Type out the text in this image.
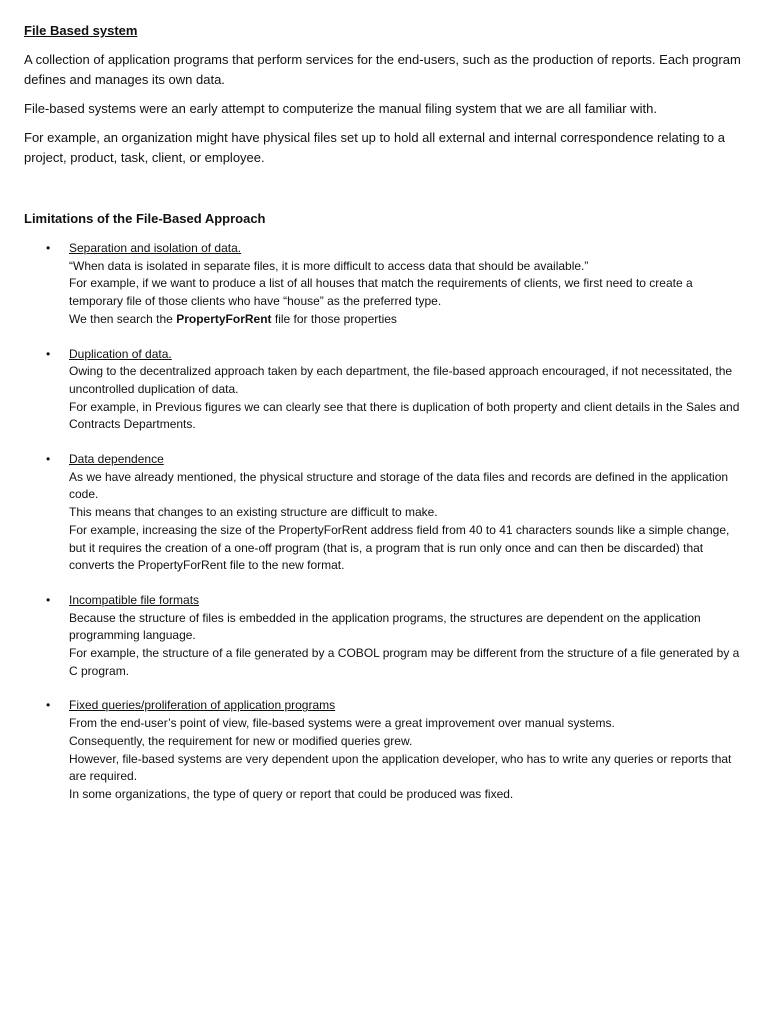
File Based system

A collection of application programs that perform services for the end-users, such as the production of reports. Each program defines and manages its own data.

File-based systems were an early attempt to computerize the manual filing system that we are all familiar with.

For example, an organization might have physical files set up to hold all external and internal correspondence relating to a project, product, task, client, or employee.

Limitations of the File-Based Approach
• Separation and isolation of data.
“When data is isolated in separate files, it is more difficult to access data that should be available.”
For example, if we want to produce a list of all houses that match the requirements of clients, we first need to create a temporary file of those clients who have “house” as the preferred type.
We then search the PropertyForRent file for those properties
• Duplication of data.
Owing to the decentralized approach taken by each department, the file-based approach encouraged, if not necessitated, the uncontrolled duplication of data.
For example, in Previous figures we can clearly see that there is duplication of both property and client details in the Sales and Contracts Departments.
• Data dependence
As we have already mentioned, the physical structure and storage of the data files and records are defined in the application code.
This means that changes to an existing structure are difficult to make.
For example, increasing the size of the PropertyForRent address field from 40 to 41 characters sounds like a simple change, but it requires the creation of a one-off program (that is, a program that is run only once and can then be discarded) that converts the PropertyForRent file to the new format.
• Incompatible file formats
Because the structure of files is embedded in the application programs, the structures are dependent on the application programming language.
For example, the structure of a file generated by a COBOL program may be different from the structure of a file generated by a C program.
• Fixed queries/proliferation of application programs
From the end-user’s point of view, file-based systems were a great improvement over manual systems.
Consequently, the requirement for new or modified queries grew.
However, file-based systems are very dependent upon the application developer, who has to write any queries or reports that are required.
In some organizations, the type of query or report that could be produced was fixed.
